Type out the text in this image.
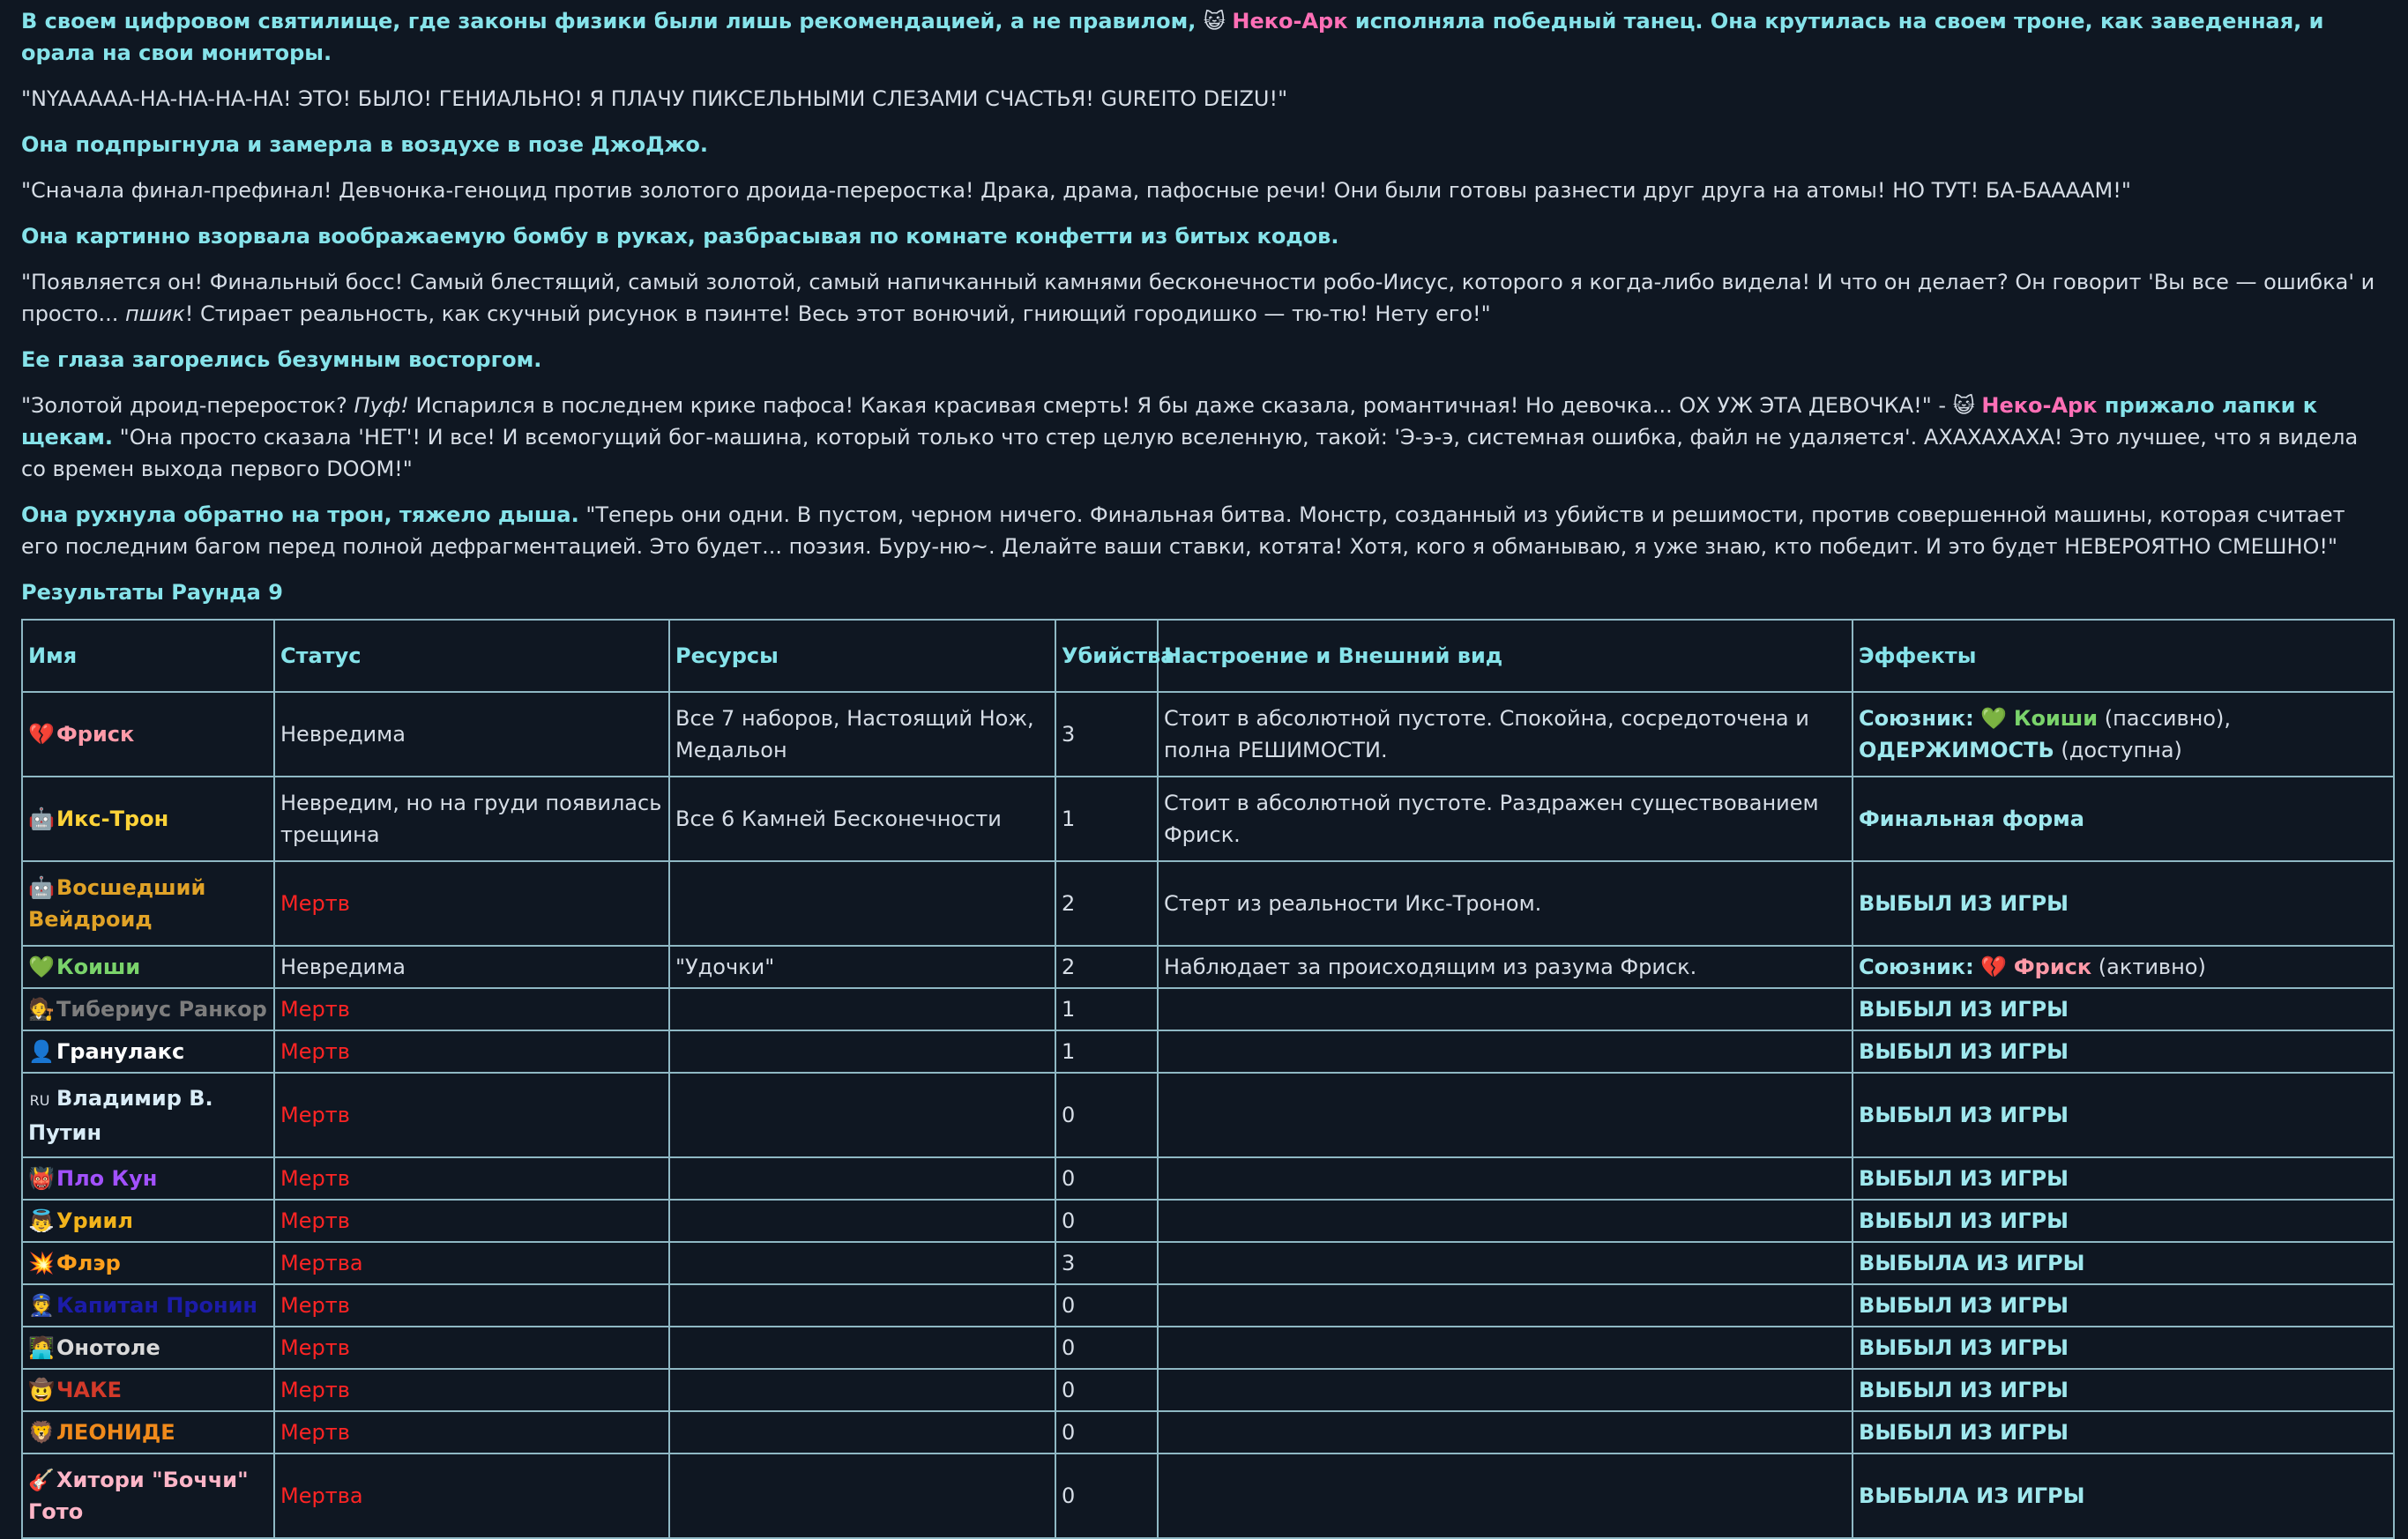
В своем цифровом святилище, где законы физики были лишь рекомендацией, а не правилом, 😺 Неко-Арк исполняла победный танец. Она крутилась на своем троне, как заведенная, и орала на свои мониторы.

"NYAAAAA-HA-HA-HA-HA! ЭТО! БЫЛО! ГЕНИАЛЬНО! Я ПЛАЧУ ПИКСЕЛЬНЫМИ СЛЕЗАМИ СЧАСТЬЯ! GUREITO DEIZU!"

Она подпрыгнула и замерла в воздухе в позе ДжоДжо.

"Сначала финал-префинал! Девчонка-геноцид против золотого дроида-переростка! Драка, драма, пафосные речи! Они были готовы разнести друг друга на атомы! НО ТУТ! БА-БАААAM!"

Она картинно взорвала воображаемую бомбу в руках, разбрасывая по комнате конфетти из битых кодов.

"Появляется он! Финальный босс! Самый блестящий, самый золотой, самый напичканный камнями бесконечности робо-Иисус, которого я когда-либо видела! И что он делает? Он говорит 'Вы все — ошибка' и просто... пшик! Стирает реальность, как скучный рисунок в пэинте! Весь этот вонючий, гниющий городишко — тю-тю! Нету его!"

Ее глаза загорелись безумным восторгом.

"Золотой дроид-переросток? Пуф! Испарился в последнем крике пафоса! Какая красивая смерть! Я бы даже сказала, романтичная! Но девочка... ОХ УЖ ЭТА ДЕВОЧКА!" - 😺 Неко-Арк прижало лапки к щекам. "Она просто сказала 'НЕТ'! И все! И всемогущий бог-машина, который только что стер целую вселенную, такой: 'Э-э-э, системная ошибка, файл не удаляется'. АХАХАХАХА! Это лучшее, что я видела со времен выхода первого DOOM!"

Она рухнула обратно на трон, тяжело дыша. "Теперь они одни. В пустом, черном ничего. Финальная битва. Монстр, созданный из убийств и решимости, против совершенной машины, которая считает его последним багом перед полной дефрагментацией. Это будет... поэзия. Буру-ню~. Делайте ваши ставки, котята! Хотя, кого я обманываю, я уже знаю, кто победит. И это будет НЕВЕРОЯТНО СМЕШНО!"

Результаты Раунда 9

Имя	Статус	Ресурсы	Убийства	Настроение и Внешний вид	Эффекты
💔Фриск	Невредима	Все 7 наборов, Настоящий Нож, Медальон	3	Стоит в абсолютной пустоте. Спокойна, сосредоточена и полна РЕШИМОСТИ.	Союзник: 💚 Коиши (пассивно), ОДЕРЖИМОСТЬ (доступна)
🤖Икс-Трон	Невредим, но на груди появилась трещина	Все 6 Камней Бесконечности	1	Стоит в абсолютной пустоте. Раздражен существованием Фриск.	Финальная форма
🤖Восшедший Вейдроид	Мертв		2	Стерт из реальности Икс-Троном.	ВЫБЫЛ ИЗ ИГРЫ
💚Коиши	Невредима	"Удочки"	2	Наблюдает за происходящим из разума Фриск.	Союзник: 💔 Фриск (активно)
🧑‍⚖️Тибериус Ранкор	Мертв		1		ВЫБЫЛ ИЗ ИГРЫ
👤Гранулакс	Мертв		1		ВЫБЫЛ ИЗ ИГРЫ
RU Владимир В. Путин	Мертв		0		ВЫБЫЛ ИЗ ИГРЫ
👹Пло Кун	Мертв		0		ВЫБЫЛ ИЗ ИГРЫ
👼Уриил	Мертв		0		ВЫБЫЛ ИЗ ИГРЫ
💥Флэр	Мертва		3		ВЫБЫЛА ИЗ ИГРЫ
👮Капитан Пронин	Мертв		0		ВЫБЫЛ ИЗ ИГРЫ
🧑‍💻Онотоле	Мертв		0		ВЫБЫЛ ИЗ ИГРЫ
🤠ЧАКЕ	Мертв		0		ВЫБЫЛ ИЗ ИГРЫ
🦁ЛЕОНИДЕ	Мертв		0		ВЫБЫЛ ИЗ ИГРЫ
🎸Хитори "Боччи" Гото	Мертва		0		ВЫБЫЛА ИЗ ИГРЫ
